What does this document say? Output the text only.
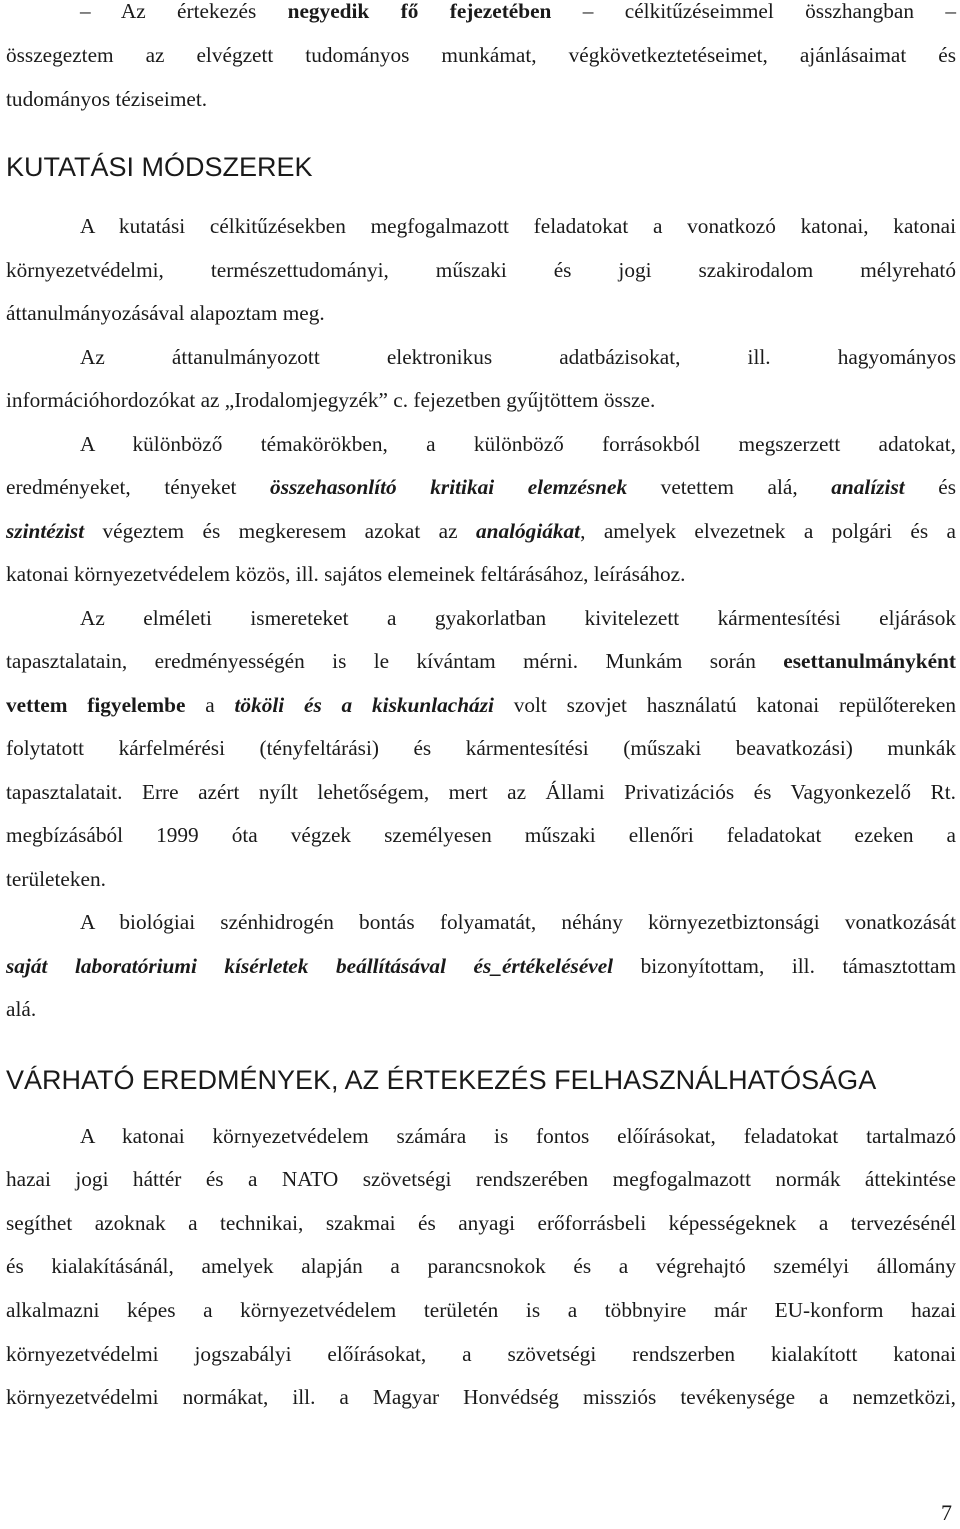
– Az értekezés negyedik fő fejezetében – célkitűzéseimmel összhangban –
összegeztem az elvégzett tudományos munkámat, végkövetkeztetéseimet, ajánlásaimat és
tudományos téziseimet.
KUTATÁSI MÓDSZEREK
A kutatási célkitűzésekben megfogalmazott feladatokat a vonatkozó katonai, katonai
környezetvédelmi, természettudományi, műszaki és jogi szakirodalom mélyreható
áttanulmányozásával alapoztam meg.
Az áttanulmányozott elektronikus adatbázisokat, ill. hagyományos
információhordozókat az „Irodalomjegyzék” c. fejezetben gyűjtöttem össze.
A különböző témakörökben, a különböző forrásokból megszerzett adatokat,
eredményeket, tényeket összehasonlító kritikai elemzésnek vetettem alá, analízist és
szintézist végeztem és megkeresem azokat az analógiákat, amelyek elvezetnek a polgári és a
katonai környezetvédelem közös, ill. sajátos elemeinek feltárásához, leírásához.
Az elméleti ismereteket a gyakorlatban kivitelezett kármentesítési eljárások
tapasztalatain, eredményességén is le kívántam mérni. Munkám során esettanulmányként
vettem figyelembe a tököli és a kiskunlacházi volt szovjet használatú katonai repülőtereken
folytatott kárfelmérési (tényfeltárási) és kármentesítési (műszaki beavatkozási) munkák
tapasztalatait. Erre azért nyílt lehetőségem, mert az Állami Privatizációs és Vagyonkezelő Rt.
megbízásából 1999 óta végzek személyesen műszaki ellenőri feladatokat ezeken a
területeken.
A biológiai szénhidrogén bontás folyamatát, néhány környezetbiztonsági vonatkozását
saját laboratóriumi kísérletek beállításával és_értékelésével bizonyítottam, ill. támasztottam
alá.
VÁRHATÓ EREDMÉNYEK, AZ ÉRTEKEZÉS FELHASZNÁLHATÓSÁGA
A katonai környezetvédelem számára is fontos előírásokat, feladatokat tartalmazó
hazai jogi háttér és a NATO szövetségi rendszerében megfogalmazott normák áttekintése
segíthet azoknak a technikai, szakmai és anyagi erőforrásbeli képességeknek a tervezésénél
és kialakításánál, amelyek alapján a parancsnokok és a végrehajtó személyi állomány
alkalmazni képes a környezetvédelem területén is a többnyire már EU-konform hazai
környezetvédelmi jogszabályi előírásokat, a szövetségi rendszerben kialakított katonai
környezetvédelmi normákat, ill. a Magyar Honvédség missziós tevékenysége a nemzetközi,
7
